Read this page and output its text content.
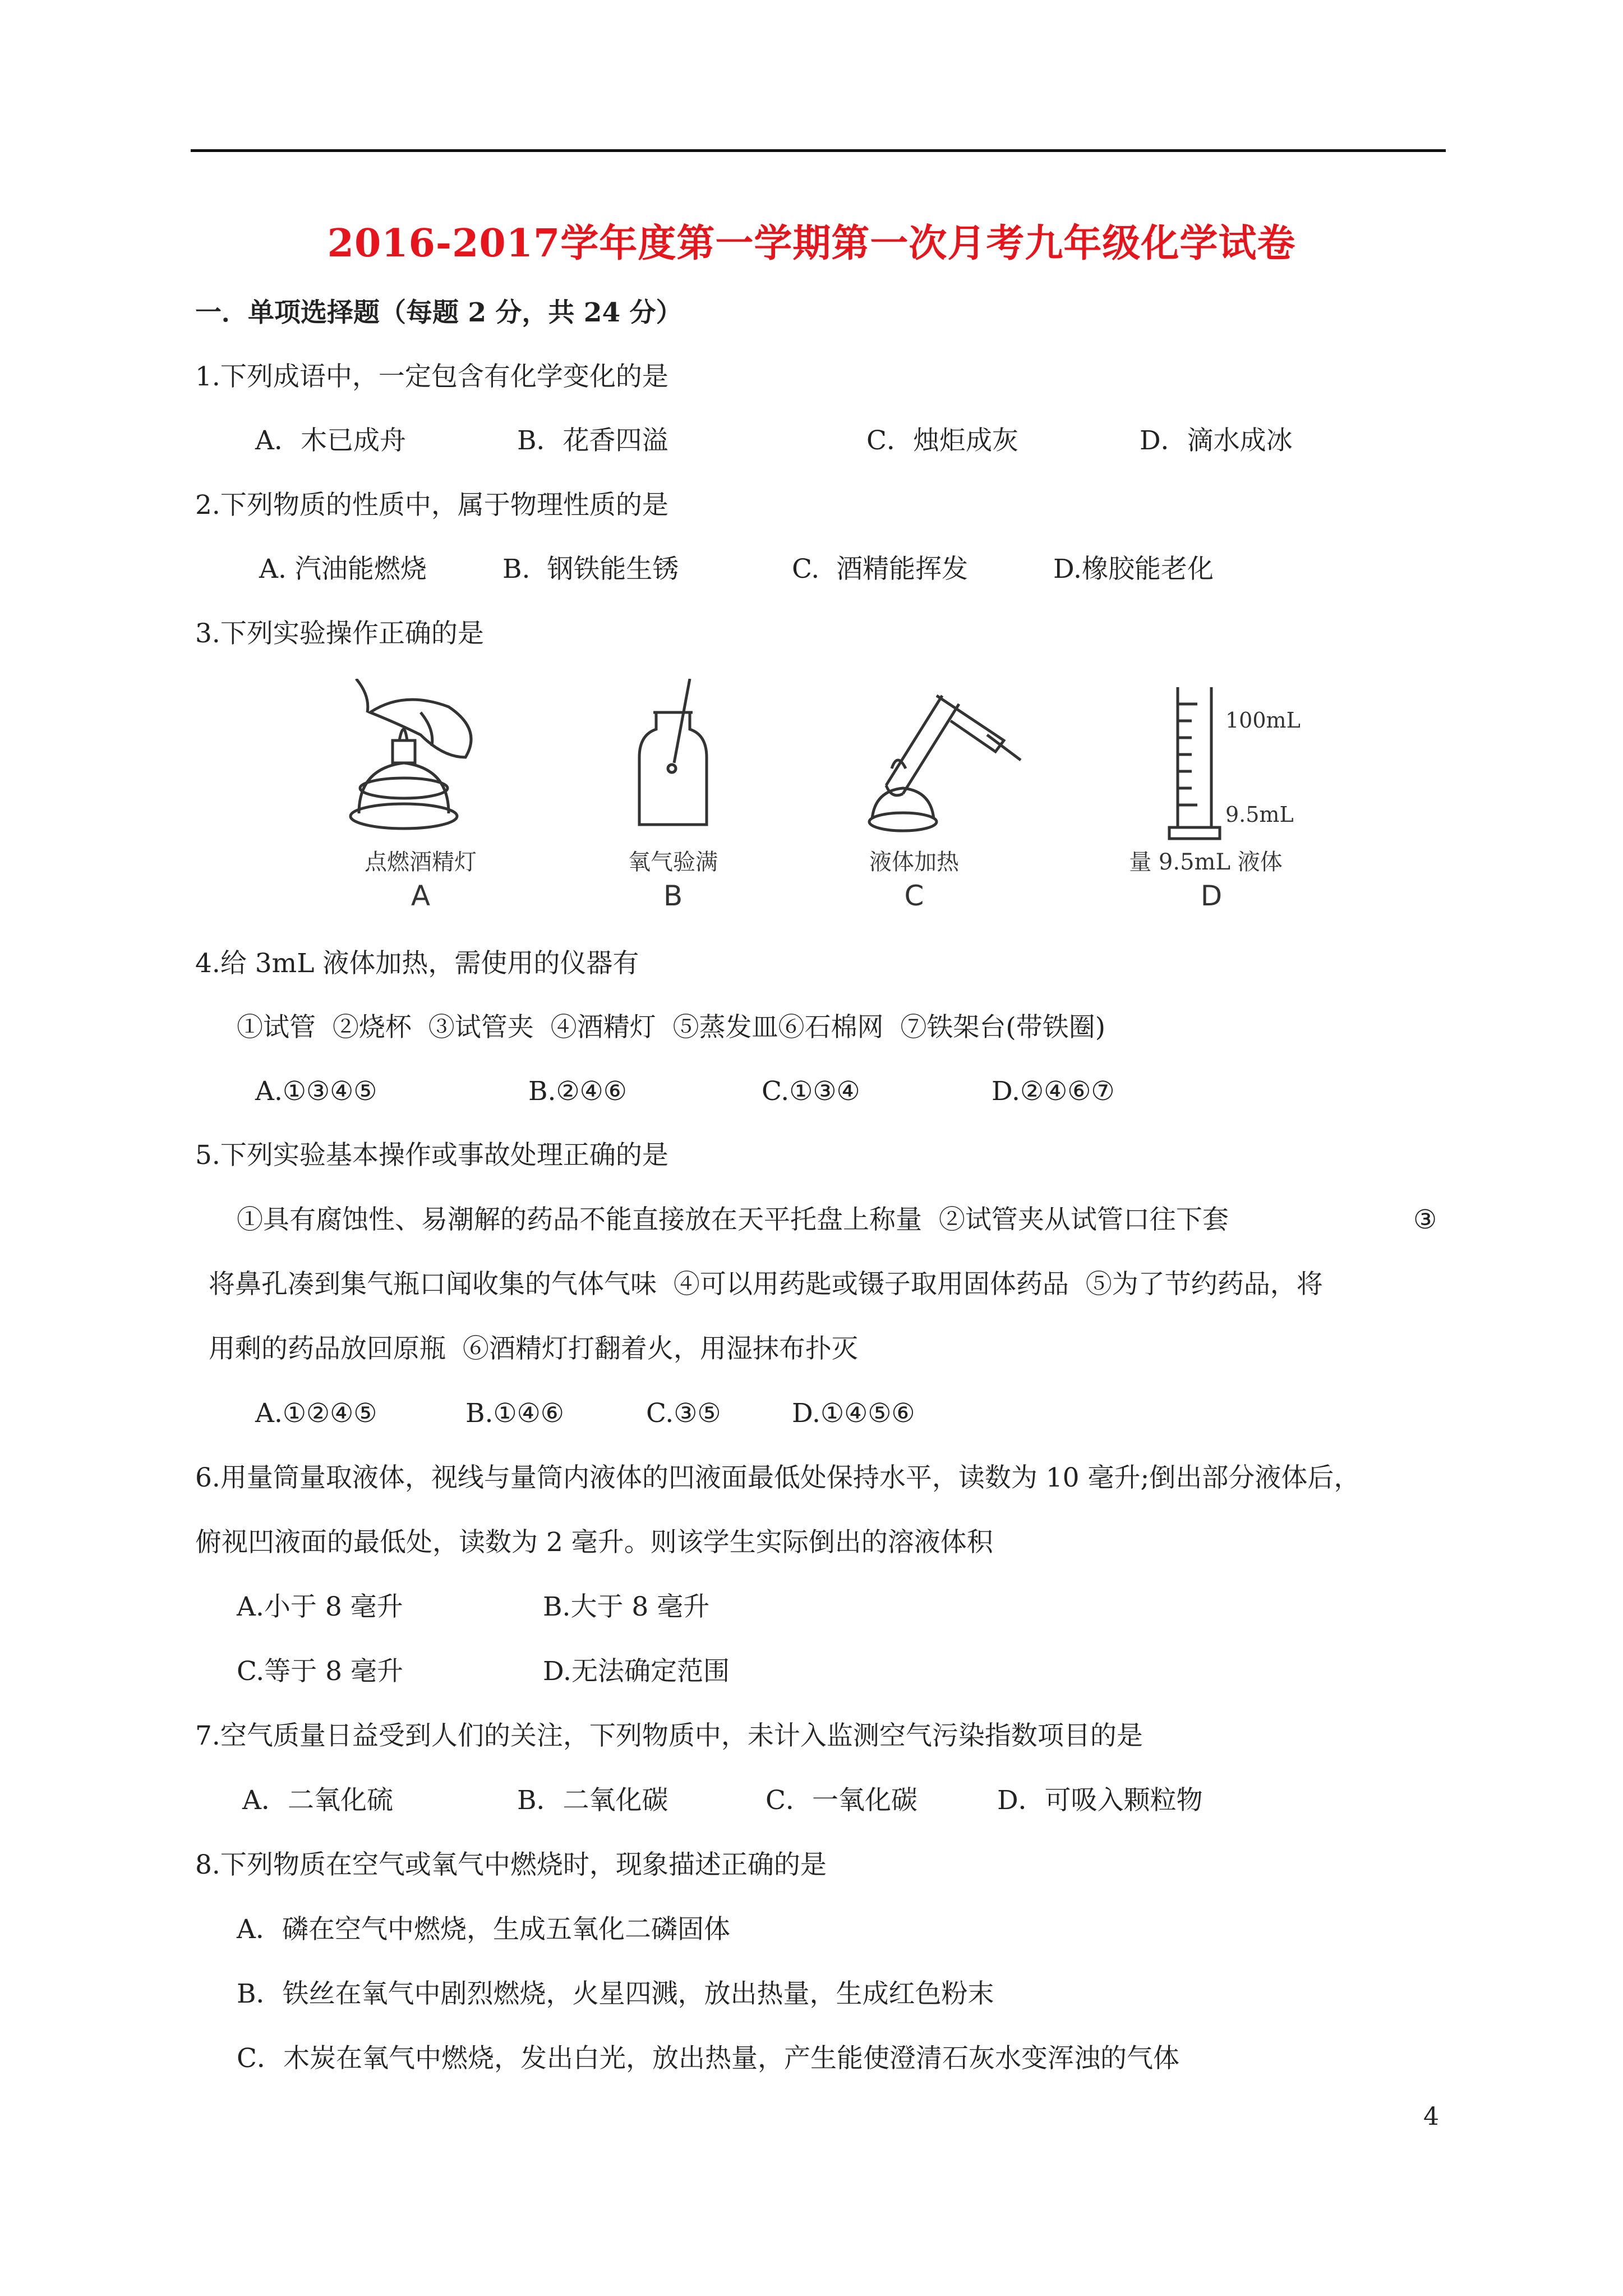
2016-2017学年度第一学期第一次月考九年级化学试卷
一．单项选择题（每题 2 分，共 24 分）
1.下列成语中，一定包含有化学变化的是
A．木已成舟	B．花香四溢	C．烛炬成灰	D．滴水成冰
2.下列物质的性质中，属于物理性质的是
A. 汽油能燃烧	B.  钢铁能生锈	C.  酒精能挥发	D.橡胶能老化
3.下列实验操作正确的是
点燃酒精灯
A
氧气验满
B
液体加热
C
100mL
9.5mL
量 9.5mL 液体
D
4.给 3mL 液体加热，需使用的仪器有
①试管  ②烧杯  ③试管夹  ④酒精灯  ⑤蒸发皿⑥石棉网  ⑦铁架台(带铁圈)
A.①③④⑤	B.②④⑥	C.①③④	D.②④⑥⑦
5.下列实验基本操作或事故处理正确的是
①具有腐蚀性、易潮解的药品不能直接放在天平托盘上称量  ②试管夹从试管口往下套	③
将鼻孔凑到集气瓶口闻收集的气体气味  ④可以用药匙或镊子取用固体药品  ⑤为了节约药品，将
用剩的药品放回原瓶  ⑥酒精灯打翻着火，用湿抹布扑灭
A.①②④⑤	B.①④⑥	C.③⑤	D.①④⑤⑥
6.用量筒量取液体，视线与量筒内液体的凹液面最低处保持水平，读数为 10 毫升;倒出部分液体后，
俯视凹液面的最低处，读数为 2 毫升。则该学生实际倒出的溶液体积
A.小于 8 毫升	B.大于 8 毫升
C.等于 8 毫升	D.无法确定范围
7.空气质量日益受到人们的关注，下列物质中，未计入监测空气污染指数项目的是
A．二氧化硫	B．二氧化碳	C．一氧化碳	D．可吸入颗粒物
8.下列物质在空气或氧气中燃烧时，现象描述正确的是
A．磷在空气中燃烧，生成五氧化二磷固体
B．铁丝在氧气中剧烈燃烧，火星四溅，放出热量，生成红色粉末
C．木炭在氧气中燃烧，发出白光，放出热量，产生能使澄清石灰水变浑浊的气体
4
